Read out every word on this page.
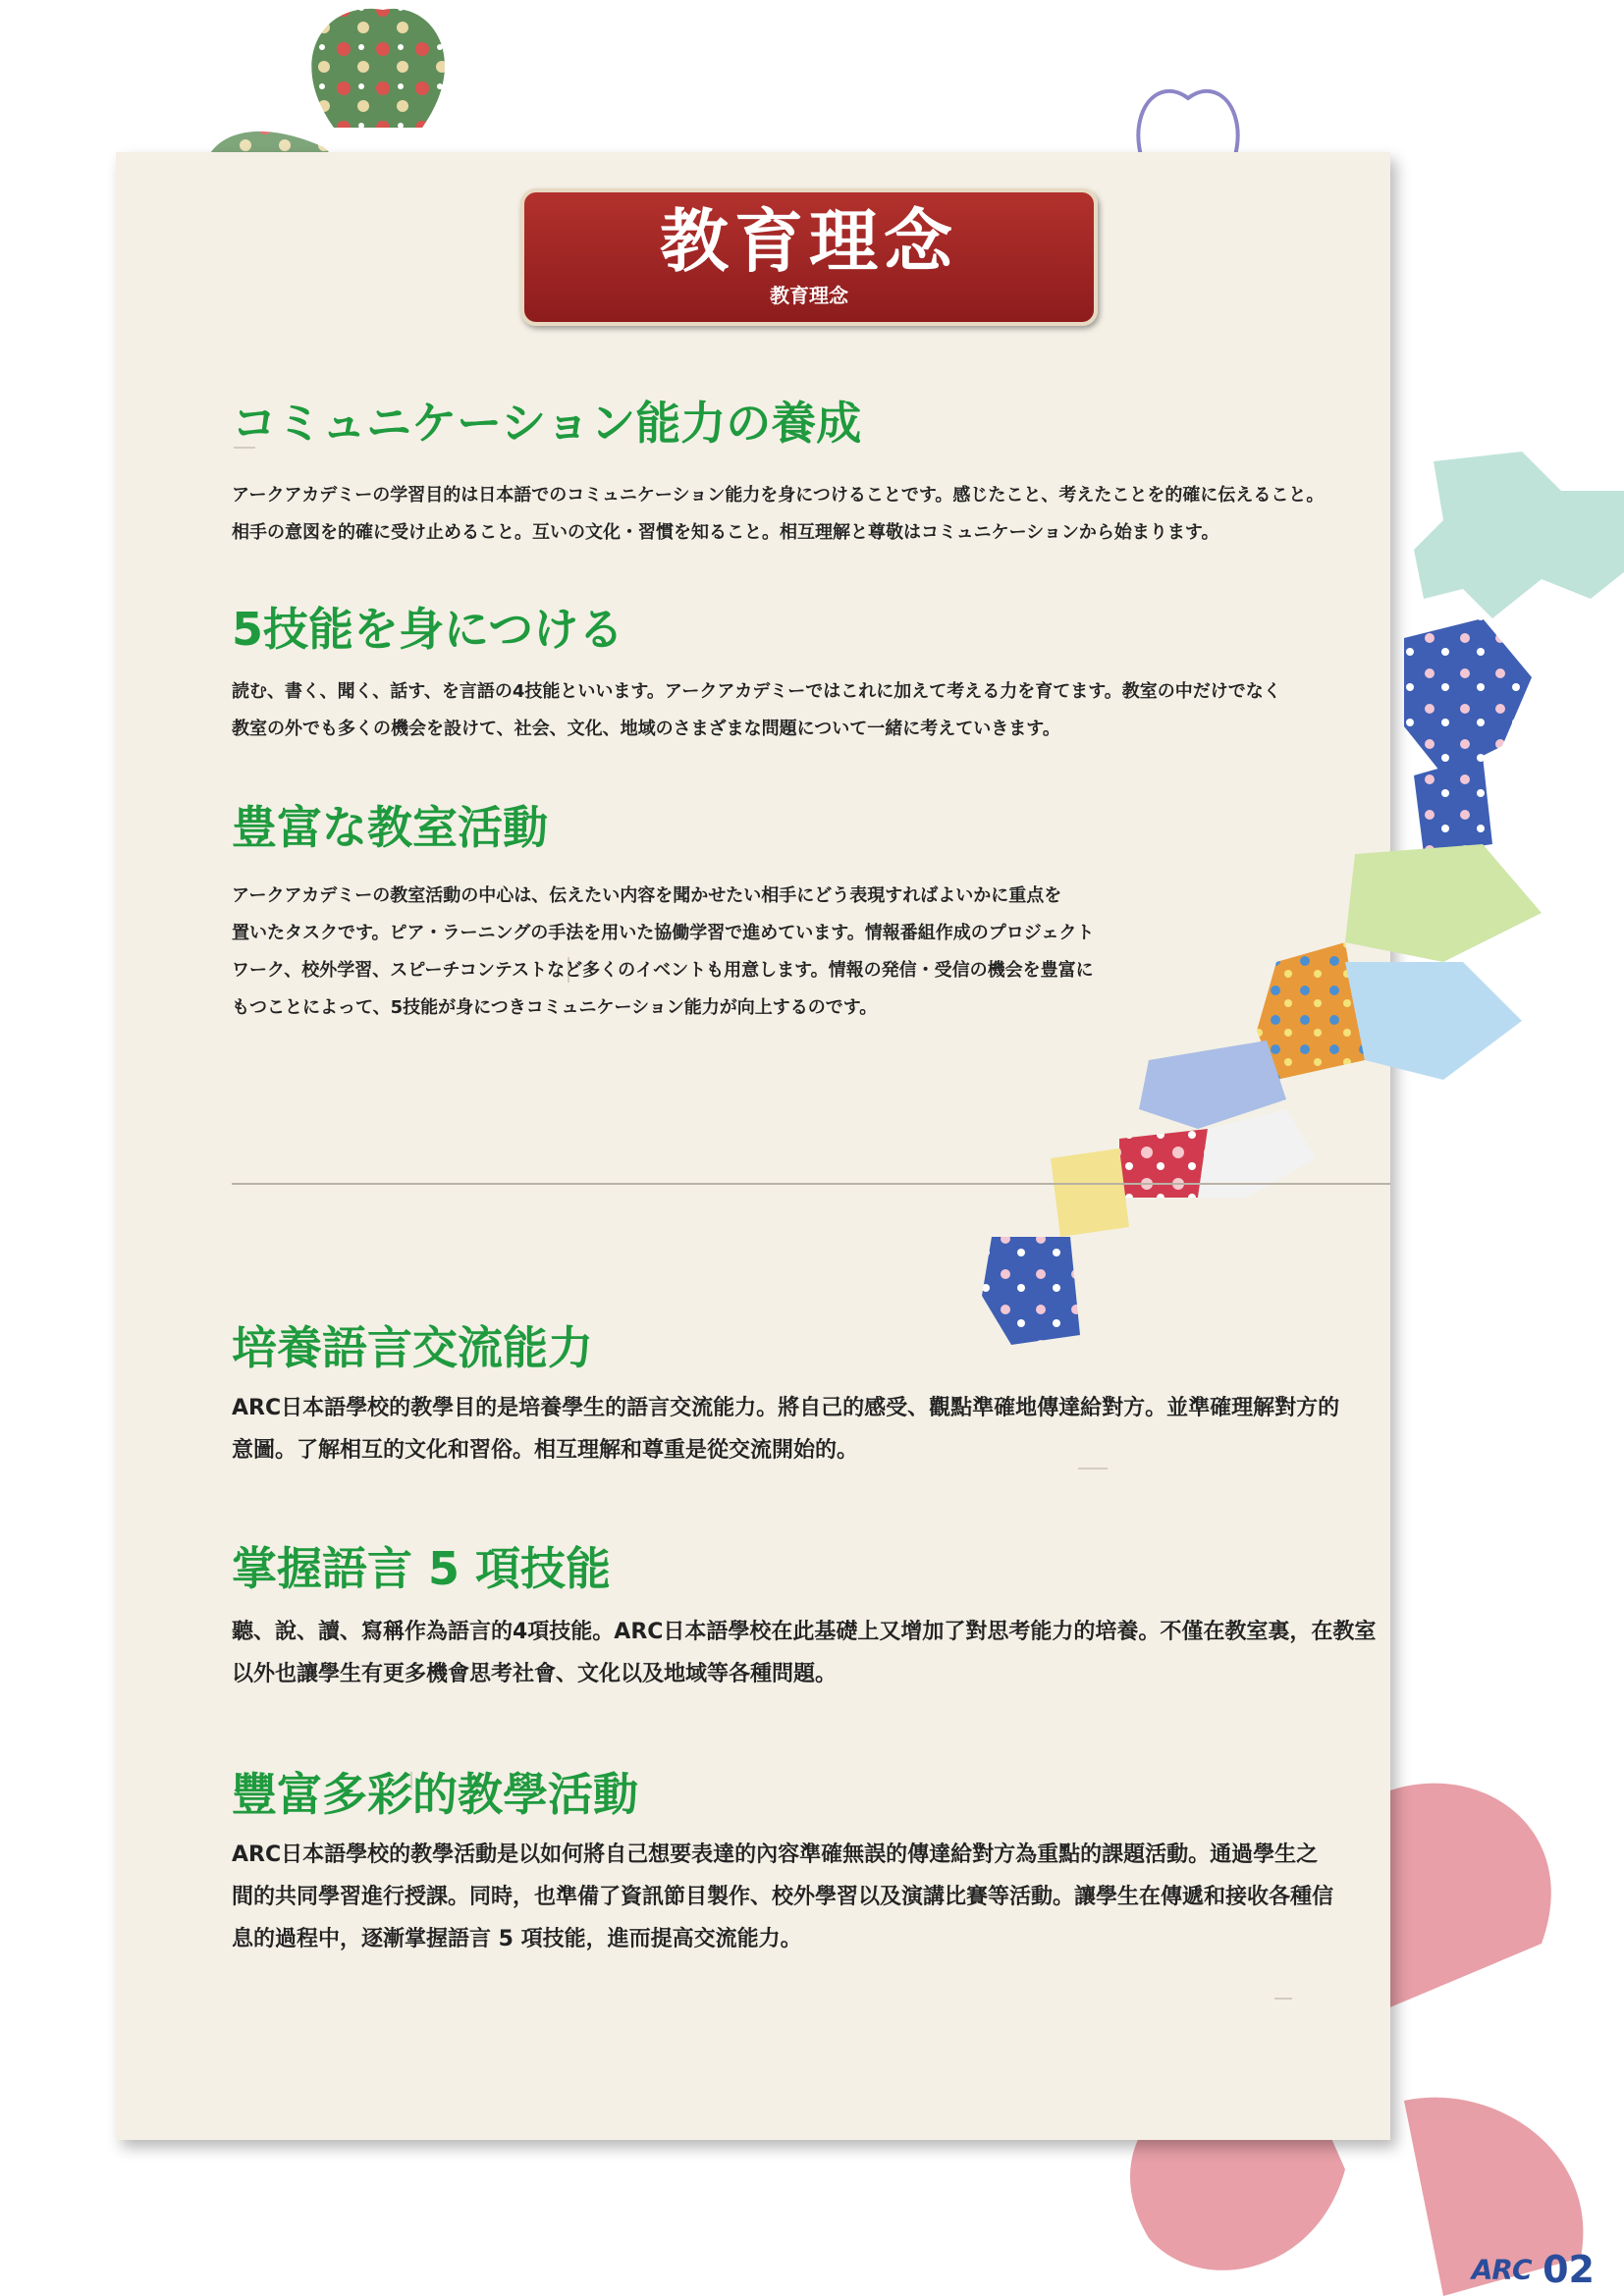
教育理念
教育理念
コミュニケーション能力の養成
アークアカデミーの学習目的は日本語でのコミュニケーション能力を身につけることです。感じたこと、考えたことを的確に伝えること。
相手の意図を的確に受け止めること。互いの文化・習慣を知ること。相互理解と尊敬はコミュニケーションから始まります。
5技能を身につける
読む、書く、聞く、話す、を言語の4技能といいます。アークアカデミーではこれに加えて考える力を育てます。教室の中だけでなく
教室の外でも多くの機会を設けて、社会、文化、地域のさまざまな問題について一緒に考えていきます。
豊富な教室活動
アークアカデミーの教室活動の中心は、伝えたい内容を聞かせたい相手にどう表現すればよいかに重点を
置いたタスクです。ピア・ラーニングの手法を用いた協働学習で進めています。情報番組作成のプロジェクト
ワーク、校外学習、スピーチコンテストなど多くのイベントも用意します。情報の発信・受信の機会を豊富に
もつことによって、5技能が身につきコミュニケーション能力が向上するのです。
培養語言交流能力
ARC日本語學校的教學目的是培養學生的語言交流能力。將自己的感受、觀點準確地傳達給對方。並準確理解對方的
意圖。了解相互的文化和習俗。相互理解和尊重是從交流開始的。
掌握語言 5 項技能
聽、說、讀、寫稱作為語言的4項技能。ARC日本語學校在此基礎上又增加了對思考能力的培養。不僅在教室裏，在教室
以外也讓學生有更多機會思考社會、文化以及地域等各種問題。
豐富多彩的教學活動
ARC日本語學校的教學活動是以如何將自己想要表達的內容準確無誤的傳達給對方為重點的課題活動。通過學生之
間的共同學習進行授課。同時，也準備了資訊節目製作、校外學習以及演講比賽等活動。讓學生在傳遞和接收各種信
息的過程中，逐漸掌握語言 5 項技能，進而提高交流能力。
ARC 02
